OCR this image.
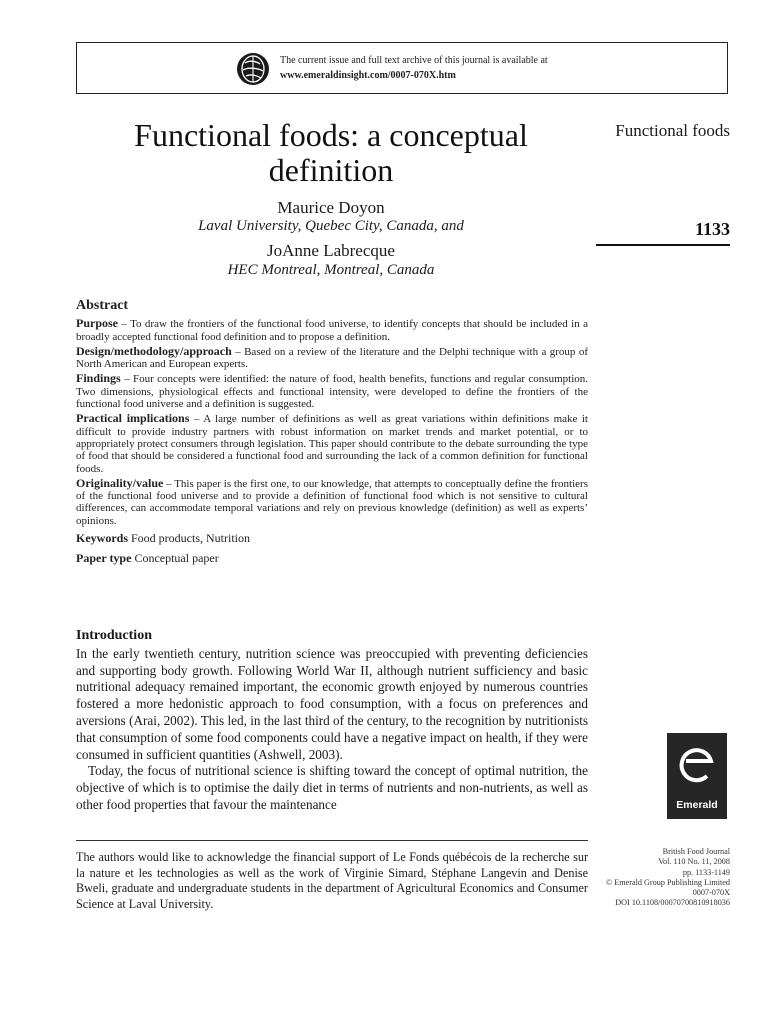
The current issue and full text archive of this journal is available at
www.emeraldinsight.com/0007-070X.htm
Functional foods: a conceptual definition
Maurice Doyon
Laval University, Quebec City, Canada, and
JoAnne Labrecque
HEC Montreal, Montreal, Canada
Functional foods
1133
Abstract

Purpose – To draw the frontiers of the functional food universe, to identify concepts that should be included in a broadly accepted functional food definition and to propose a definition.

Design/methodology/approach – Based on a review of the literature and the Delphi technique with a group of North American and European experts.

Findings – Four concepts were identified: the nature of food, health benefits, functions and regular consumption. Two dimensions, physiological effects and functional intensity, were developed to define the frontiers of the functional food universe and a definition is suggested.

Practical implications – A large number of definitions as well as great variations within definitions make it difficult to provide industry partners with robust information on market trends and market potential, or to appropriately protect consumers through legislation. This paper should contribute to the debate surrounding the type of food that should be considered a functional food and surrounding the lack of a common definition for functional foods.

Originality/value – This paper is the first one, to our knowledge, that attempts to conceptually define the frontiers of the functional food universe and to provide a definition of functional food which is not sensitive to cultural differences, can accommodate temporal variations and rely on previous knowledge (definition) as well as experts’ opinions.

Keywords Food products, Nutrition

Paper type Conceptual paper

Introduction

In the early twentieth century, nutrition science was preoccupied with preventing deficiencies and supporting body growth. Following World War II, although nutrient sufficiency and basic nutritional adequacy remained important, the economic growth enjoyed by numerous countries fostered a more hedonistic approach to food consumption, with a focus on preferences and aversions (Arai, 2002). This led, in the last third of the century, to the recognition by nutritionists that consumption of some food components could have a negative impact on health, if they were consumed in sufficient quantities (Ashwell, 2003).

Today, the focus of nutritional science is shifting toward the concept of optimal nutrition, the objective of which is to optimise the daily diet in terms of nutrients and non-nutrients, as well as other food properties that favour the maintenance

The authors would like to acknowledge the financial support of Le Fonds québécois de la recherche sur la nature et les technologies as well as the work of Virginie Simard, Stéphane Langevin and Denise Bweli, graduate and undergraduate students in the department of Agricultural Economics and Consumer Science at Laval University.

Emerald
British Food Journal
Vol. 110 No. 11, 2008
pp. 1133-1149
© Emerald Group Publishing Limited
0007-070X
DOI 10.1108/00070700810918036
